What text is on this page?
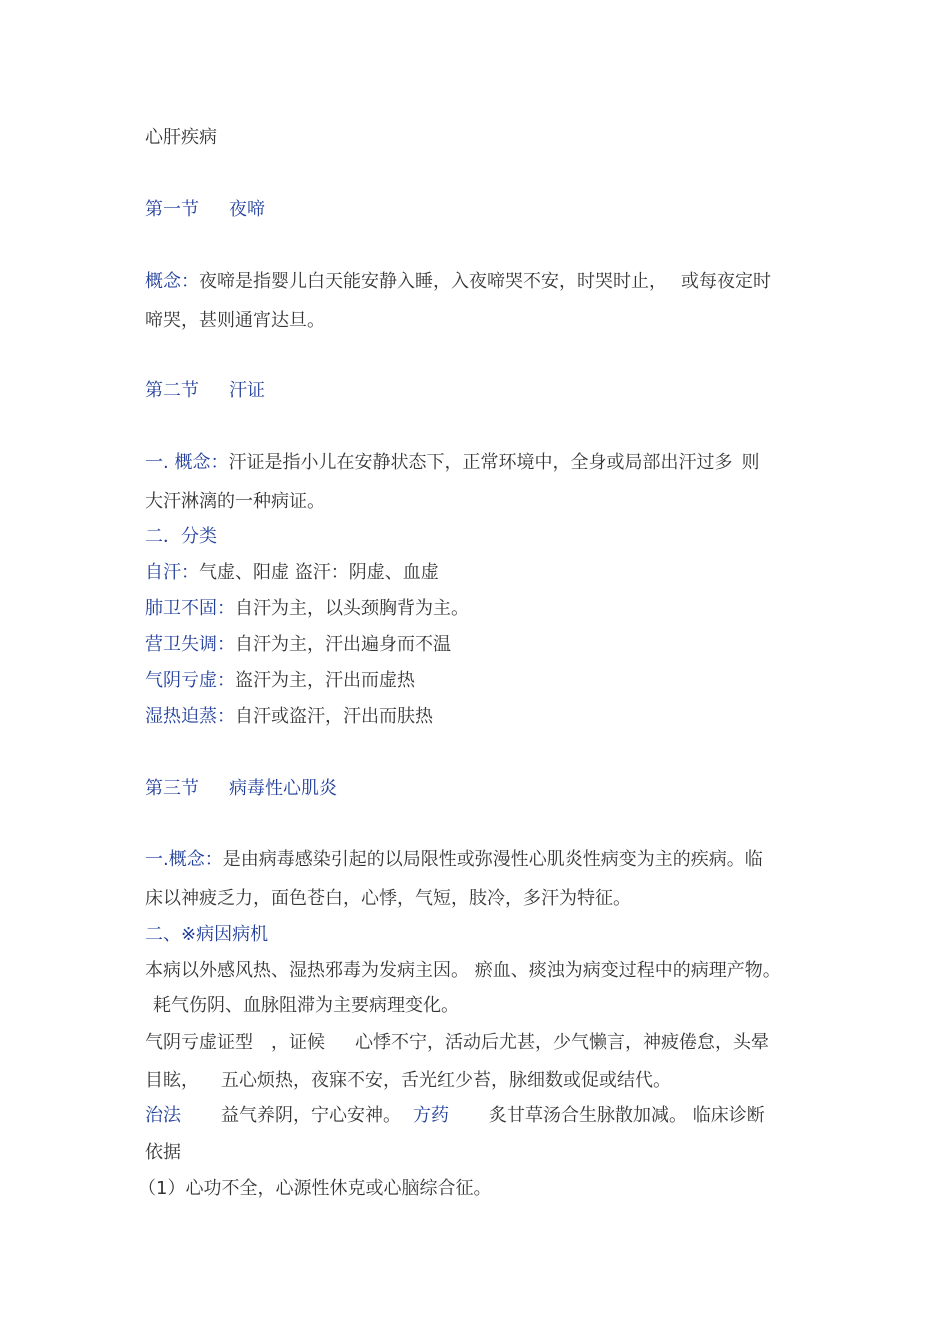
心肝疾病
第一节 夜啼
概念：夜啼是指婴儿白天能安静入睡，入夜啼哭不安，时哭时止， 或每夜定时
啼哭，甚则通宵达旦。
第二节 汗证
一. 概念：汗证是指小儿在安静状态下，正常环境中，全身或局部出汗过多 则
大汗淋漓的一种病证。
二．分类
自汗：气虚、阳虚 盗汗：阴虚、血虚
肺卫不固：自汗为主，以头颈胸背为主。
营卫失调：自汗为主，汗出遍身而不温
气阴亏虚：盗汗为主，汗出而虚热
湿热迫蒸：自汗或盗汗，汗出而肤热
第三节 病毒性心肌炎
一.概念：是由病毒感染引起的以局限性或弥漫性心肌炎性病变为主的疾病。临
床以神疲乏力，面色苍白，心悸，气短，肢冷，多汗为特征。
二、※病因病机
本病以外感风热、湿热邪毒为发病主因。 瘀血、痰浊为病变过程中的病理产物。
耗气伤阴、血脉阻滞为主要病理变化。
气阴亏虚证型 ，证候 心悸不宁，活动后尤甚，少气懒言，神疲倦怠，头晕
目眩， 五心烦热，夜寐不安，舌光红少苔，脉细数或促或结代。
治法 益气养阴，宁心安神。 方药 炙甘草汤合生脉散加减。 临床诊断
依据
（1）心功不全，心源性休克或心脑综合征。
